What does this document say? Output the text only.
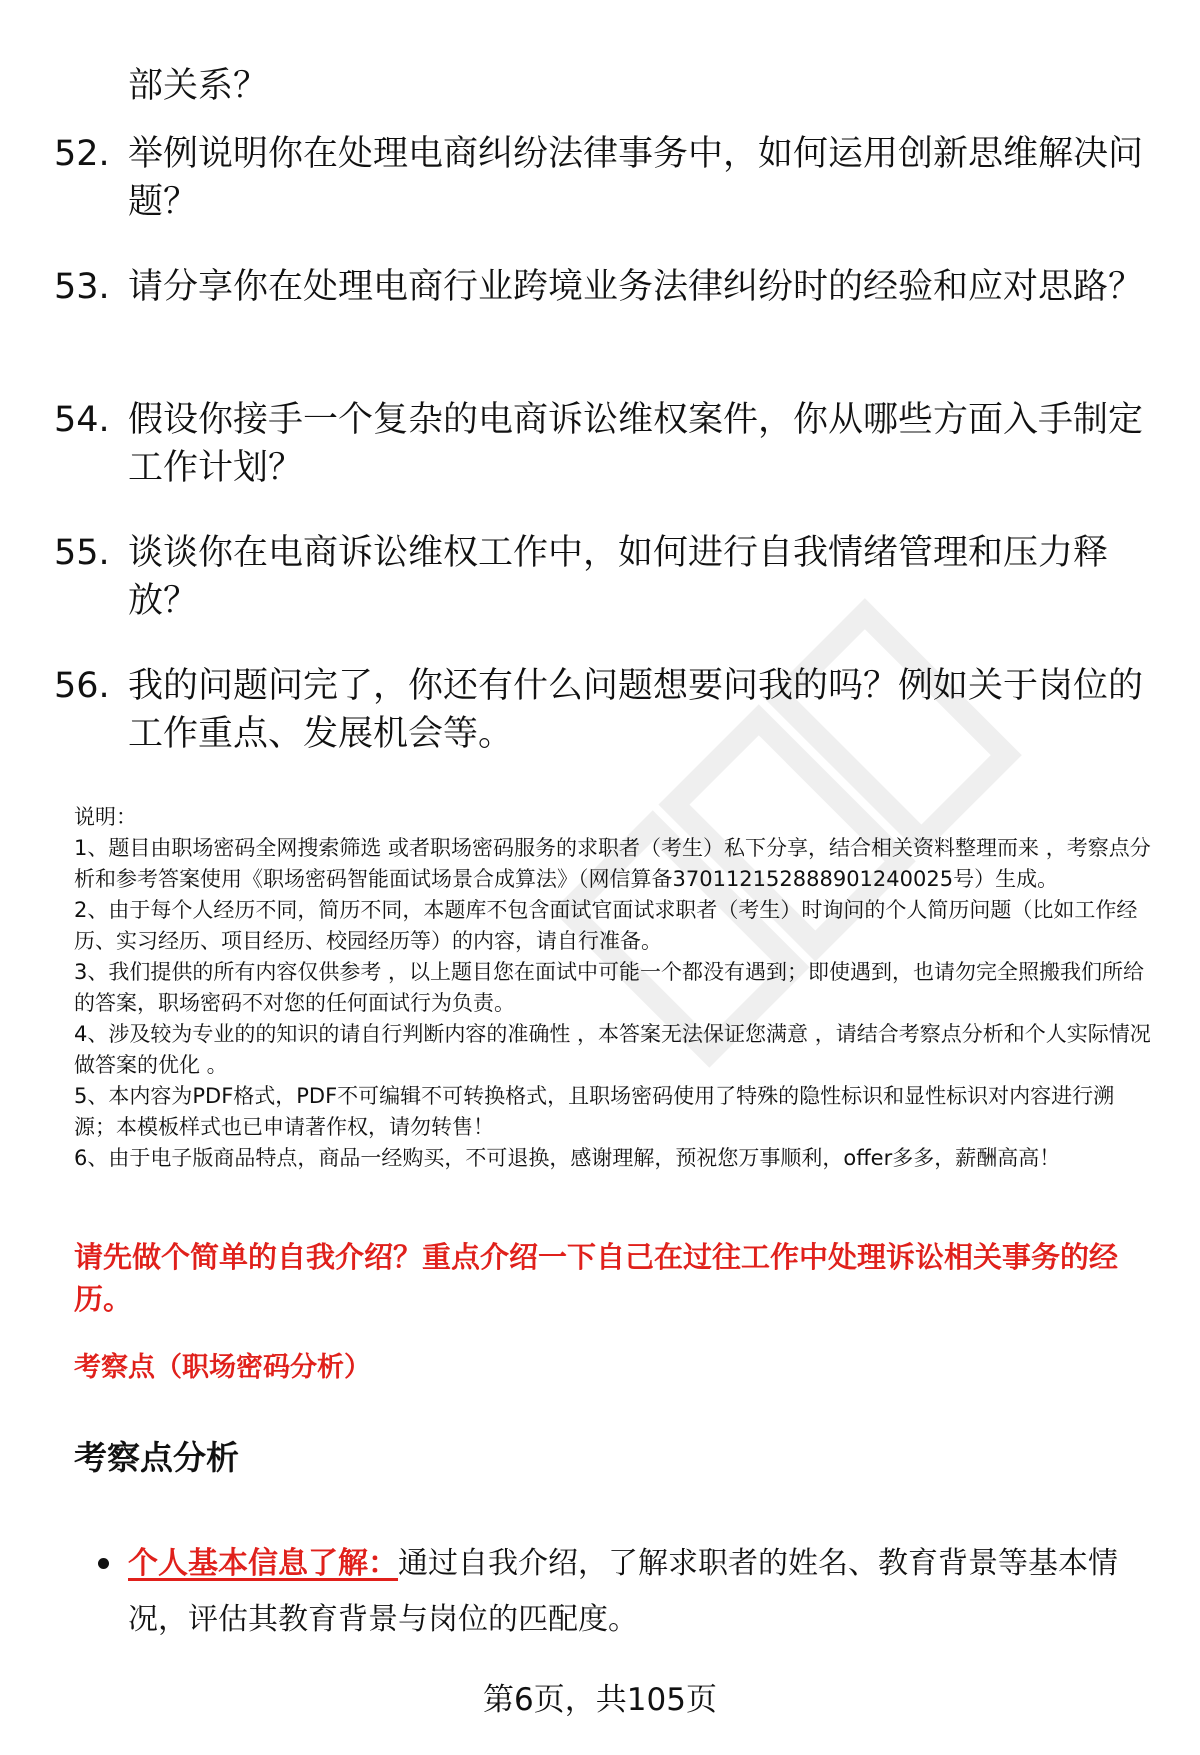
部关系？
52. 举例说明你在处理电商纠纷法律事务中，如何运用创新思维解决问题？
53. 请分享你在处理电商行业跨境业务法律纠纷时的经验和应对思路？
54. 假设你接手一个复杂的电商诉讼维权案件，你从哪些方面入手制定工作计划？
55. 谈谈你在电商诉讼维权工作中，如何进行自我情绪管理和压力释放？
56. 我的问题问完了，你还有什么问题想要问我的吗？例如关于岗位的工作重点、发展机会等。

说明：

1、题目由职场密码全网搜索筛选 或者职场密码服务的求职者（考生）私下分享，结合相关资料整理而来 ，考察点分析和参考答案使用《职场密码智能面试场景合成算法》（网信算备370112152888901240025号）生成。

2、由于每个人经历不同，简历不同，本题库不包含面试官面试求职者（考生）时询问的个人简历问题（比如工作经历、实习经历、项目经历、校园经历等）的内容，请自行准备。

3、我们提供的所有内容仅供参考 ，以上题目您在面试中可能一个都没有遇到；即使遇到，也请勿完全照搬我们所给的答案，职场密码不对您的任何面试行为负责。

4、涉及较为专业的的知识的请自行判断内容的准确性 ，本答案无法保证您满意 ，请结合考察点分析和个人实际情况做答案的优化 。

5、本内容为PDF格式，PDF不可编辑不可转换格式，且职场密码使用了特殊的隐性标识和显性标识对内容进行溯源；本模板样式也已申请著作权，请勿转售！

6、由于电子版商品特点，商品一经购买，不可退换，感谢理解，预祝您万事顺利，offer多多，薪酬高高！

请先做个简单的自我介绍？重点介绍一下自己在过往工作中处理诉讼相关事务的经历。
考察点（职场密码分析）
考察点分析
个人基本信息了解：通过自我介绍，了解求职者的姓名、教育背景等基本情况，评估其教育背景与岗位的匹配度。
第6页，共105页
